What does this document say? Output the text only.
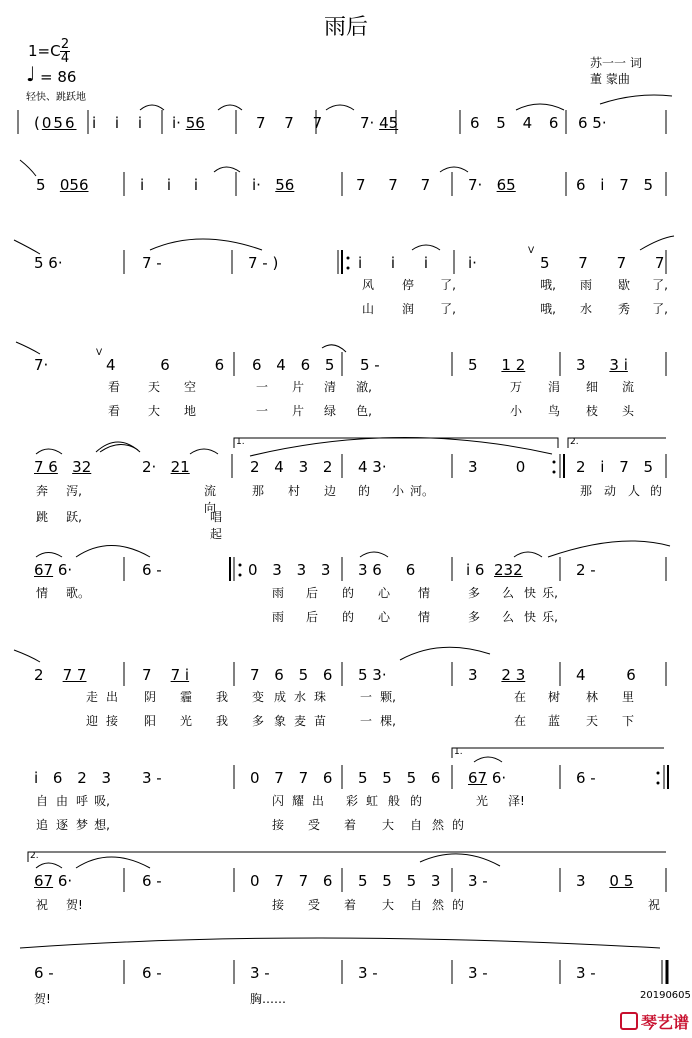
雨后
1=C 2
4
♩ = 86
轻快、跳跃地
苏一一 词
董 蒙曲
(056 i i i i· 56	7 7 7	7· 45	6 5 4 6 6 5·
5   056	i i i	i·   56	7 7 7	7·   65	6 i 7 5
5 6·	7 -	7 - )	i i i	i·
V
5 7 7 7
7·
V
4 6 6 6 4 6 5 5 -	5     1 2	3     3 i
1.	2.
7 6 32	2·   21	2 4 3 2 4 3·	3        0	2 i 7 5
67 6·	6 -	0 3 3 3 3 6     6	i 6  232	2 -
2    7 7	7    7 i	7 6 5 6 5 3·	3     2 3	4 6
1.
i 6 2 3 3 -	0 7 7 6 5 5 5 6 67 6·	6 -
2.
67 6·	6 -	0 7 7 6 5 5 5 3 3 -	3     0 5
6 -	6 -	3 -	3 -	3 -	3 -
风 停 了,	哦, 雨 歇 了,
山 润 了,	哦, 水 秀 了,
看 天 空	一 片 清 澈,	万 涓 细 流
看 大 地	一 片 绿 色,	小 鸟 枝 头
奔 泻,	流向
那 村 边 的 小 河。	那 动 人 的
跳 跃,	唱起
情 歌。	雨 后 的 心 情	多 么 快 乐,
雨 后 的 心 情	多 么 快 乐,
走 出 阴 霾 我 变 成 水 珠	一 颗,	在 树 林 里
迎 接 阳 光 我 多 象 麦 苗	一 棵,	在 蓝 天 下
自 由 呼 吸,	闪 耀 出 彩 虹 般 的	光 泽!
追 逐 梦 想,	接 受 着 大 自 然 的
祝 贺!	接 受 着 大 自 然 的	祝
贺!	胸……	20190605
琴艺谱
